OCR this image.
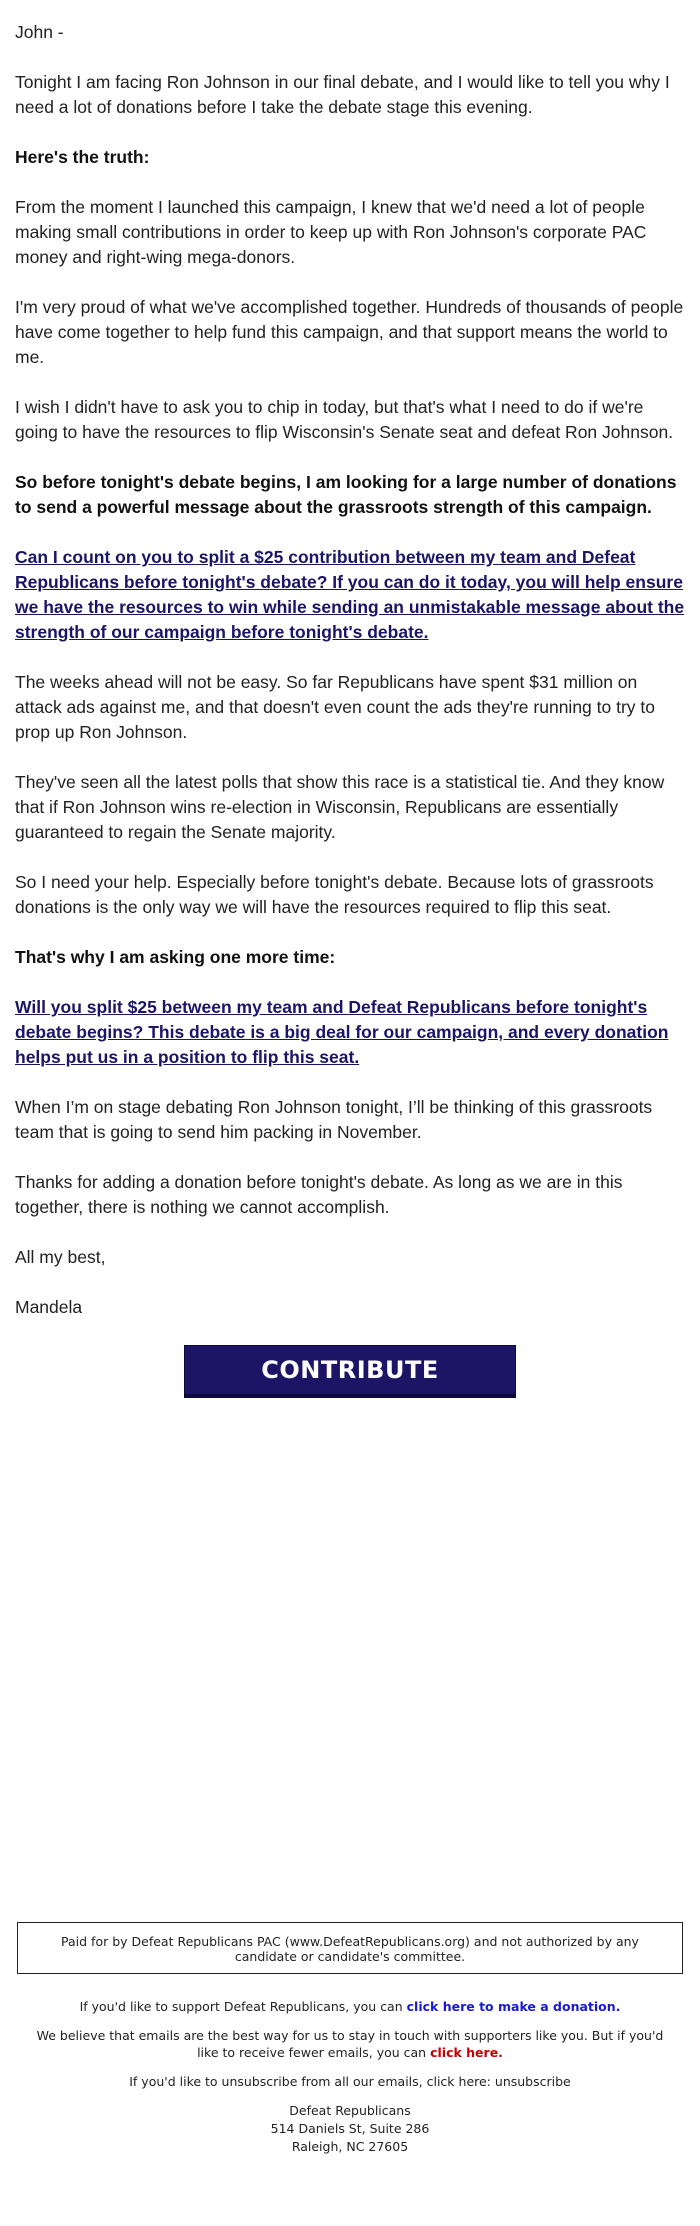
John -

Tonight I am facing Ron Johnson in our final debate, and I would like to tell you why I need a lot of donations before I take the debate stage this evening.

Here's the truth:

From the moment I launched this campaign, I knew that we'd need a lot of people making small contributions in order to keep up with Ron Johnson's corporate PAC money and right-wing mega-donors.

I'm very proud of what we've accomplished together. Hundreds of thousands of people have come together to help fund this campaign, and that support means the world to me.

I wish I didn't have to ask you to chip in today, but that's what I need to do if we're going to have the resources to flip Wisconsin's Senate seat and defeat Ron Johnson.

So before tonight's debate begins, I am looking for a large number of donations to send a powerful message about the grassroots strength of this campaign.

Can I count on you to split a $25 contribution between my team and Defeat Republicans before tonight's debate? If you can do it today, you will help ensure we have the resources to win while sending an unmistakable message about the strength of our campaign before tonight's debate.

The weeks ahead will not be easy. So far Republicans have spent $31 million on attack ads against me, and that doesn't even count the ads they're running to try to prop up Ron Johnson.

They've seen all the latest polls that show this race is a statistical tie. And they know that if Ron Johnson wins re-election in Wisconsin, Republicans are essentially guaranteed to regain the Senate majority.

So I need your help. Especially before tonight's debate. Because lots of grassroots donations is the only way we will have the resources required to flip this seat.

That's why I am asking one more time:

Will you split $25 between my team and Defeat Republicans before tonight's debate begins? This debate is a big deal for our campaign, and every donation helps put us in a position to flip this seat.

When I’m on stage debating Ron Johnson tonight, I’ll be thinking of this grassroots team that is going to send him packing in November.

Thanks for adding a donation before tonight's debate. As long as we are in this together, there is nothing we cannot accomplish.

All my best,

Mandela

CONTRIBUTE
Paid for by Defeat Republicans PAC (www.DefeatRepublicans.org) and not authorized by any candidate or candidate's committee.

If you'd like to support Defeat Republicans, you can click here to make a donation.

We believe that emails are the best way for us to stay in touch with supporters like you. But if you'd like to receive fewer emails, you can click here.

If you'd like to unsubscribe from all our emails, click here: unsubscribe

Defeat Republicans
514 Daniels St, Suite 286
Raleigh, NC 27605
